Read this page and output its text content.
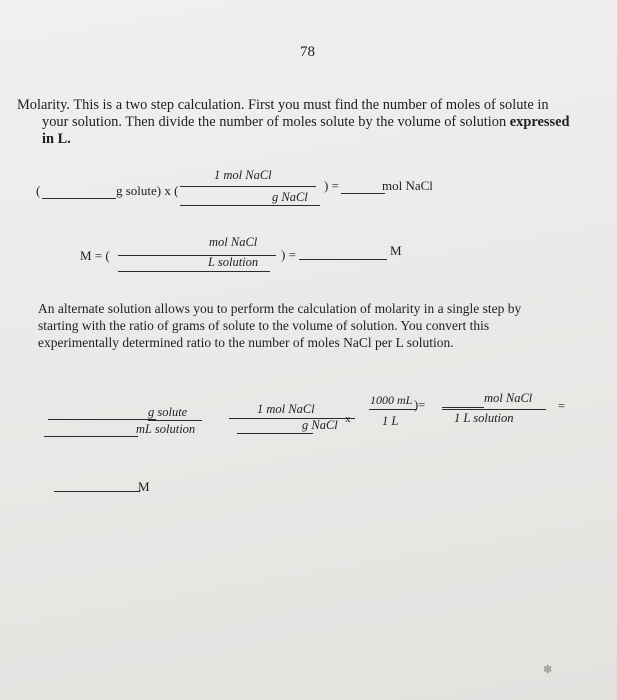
78
Molarity. This is a two step calculation. First you must find the number of moles of solute in
your solution. Then divide the number of moles solute by the volume of solution expressed
in L.
(	g solute) x (
1 mol NaCl
g NaCl
) =	mol NaCl
M = (
mol NaCl
L solution ) =	M
An alternate solution allows you to perform the calculation of molarity in a single step by
starting with the ratio of grams of solute to the volume of solution. You convert this
experimentally determined ratio to the number of moles NaCl per L solution.
g solute
mL solution
1 mol NaCl
g NaCl x
1000 mL
1 L
)=	mol NaCl
1 L solution
=
M
✽
